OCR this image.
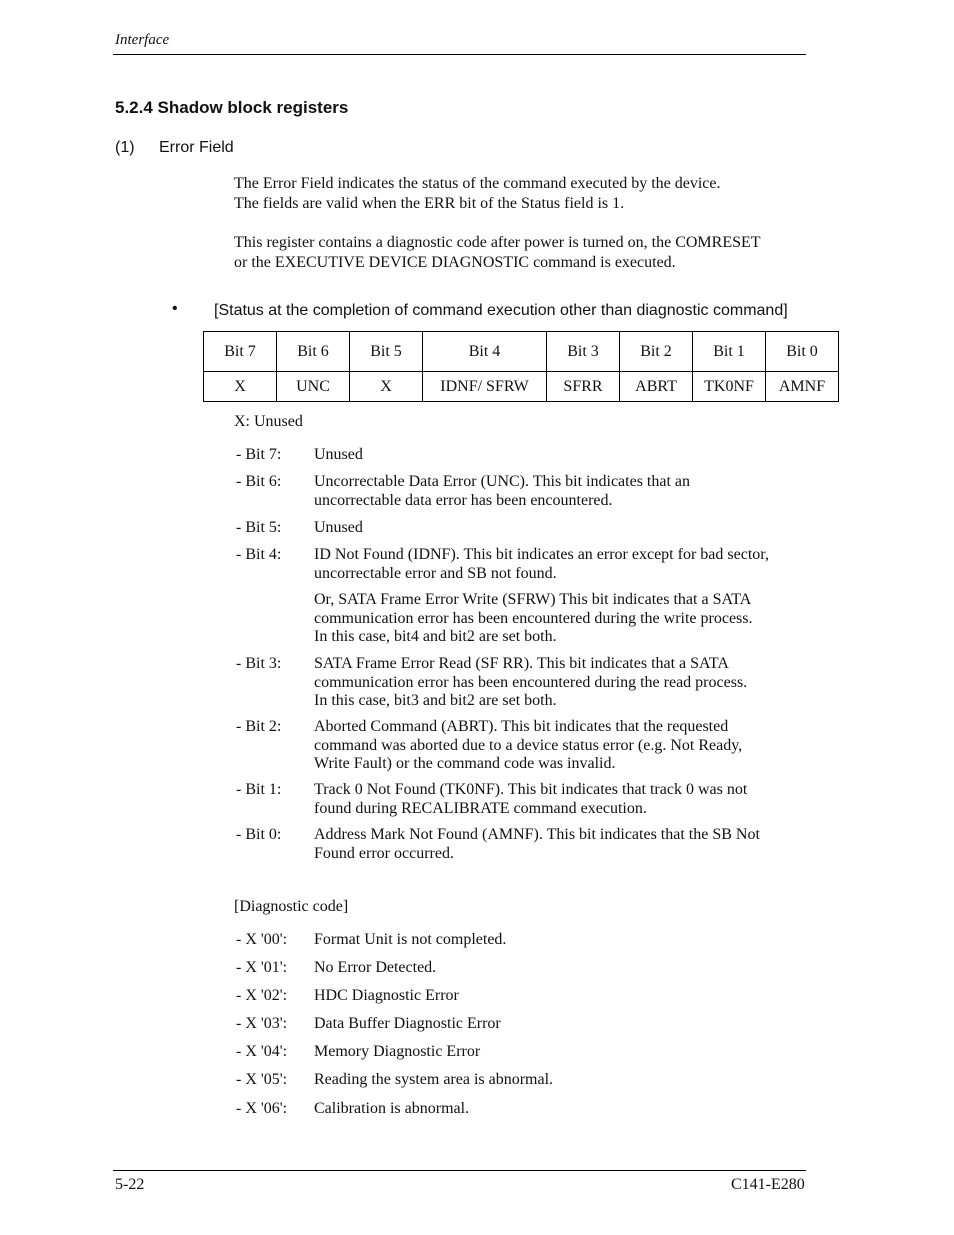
Interface
5.2.4 Shadow block registers
(1) Error Field
The Error Field indicates the status of the command executed by the device.
The fields are valid when the ERR bit of the Status field is 1.
This register contains a diagnostic code after power is turned on, the COMRESET
or the EXECUTIVE DEVICE DIAGNOSTIC command is executed.
• [Status at the completion of command execution other than diagnostic command]
Bit 7	Bit 6	Bit 5	Bit 4	Bit 3	Bit 2	Bit 1	Bit 0
X	UNC	X	IDNF/ SFRW	SFRR	ABRT	TK0NF	AMNF
X: Unused
- Bit 7: Unused
- Bit 6: Uncorrectable Data Error (UNC). This bit indicates that an
uncorrectable data error has been encountered.
- Bit 5: Unused
- Bit 4: ID Not Found (IDNF). This bit indicates an error except for bad sector,
uncorrectable error and SB not found.
Or, SATA Frame Error Write (SFRW) This bit indicates that a SATA
communication error has been encountered during the write process.
In this case, bit4 and bit2 are set both.
- Bit 3: SATA Frame Error Read (SF RR). This bit indicates that a SATA
communication error has been encountered during the read process.
In this case, bit3 and bit2 are set both.
- Bit 2: Aborted Command (ABRT). This bit indicates that the requested
command was aborted due to a device status error (e.g. Not Ready,
Write Fault) or the command code was invalid.
- Bit 1: Track 0 Not Found (TK0NF). This bit indicates that track 0 was not
found during RECALIBRATE command execution.
- Bit 0: Address Mark Not Found (AMNF). This bit indicates that the SB Not
Found error occurred.
[Diagnostic code]
- X '00': Format Unit is not completed.
- X '01': No Error Detected.
- X '02': HDC Diagnostic Error
- X '03': Data Buffer Diagnostic Error
- X '04': Memory Diagnostic Error
- X '05': Reading the system area is abnormal.
- X '06': Calibration is abnormal.
5-22	C141-E280
